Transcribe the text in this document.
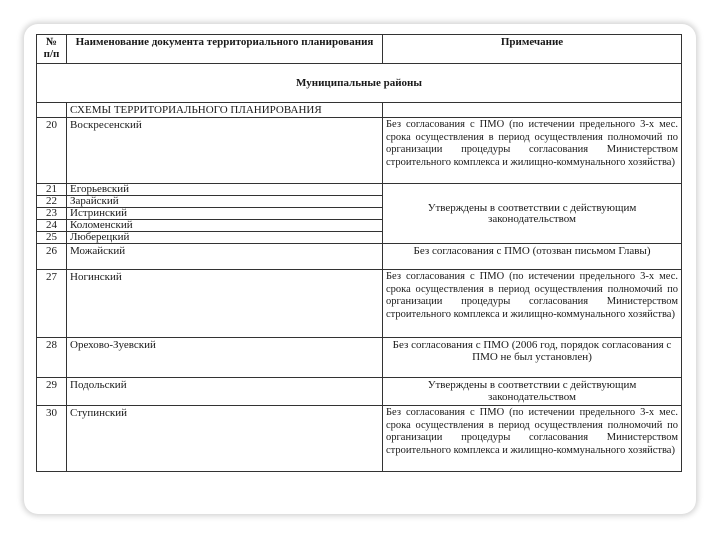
№ п/п	Наименование документа территориального планирования	Примечание
Муниципальные районы		
	СХЕМЫ ТЕРРИТОРИАЛЬНОГО ПЛАНИРОВАНИЯ	
20	Воскресенский	Без согласования с ПМО (по истечении предельного 3-х мес. срока осуществления в период осуществления полномочий по организации процедуры согласования Министерством строительного комплекса и жилищно-коммунального хозяйства)
21	Егорьевский	Утверждены в соответствии с действующим законодательством
22	Зарайский	
23	Истринский	
24	Коломенский	
25	Люберецкий	
26	Можайский	Без согласования с ПМО (отозван письмом Главы)
27	Ногинский	Без согласования с ПМО (по истечении предельного 3-х мес. срока осуществления в период осуществления полномочий по организации процедуры согласования Министерством строительного комплекса и жилищно-коммунального хозяйства)
28	Орехово-Зуевский	Без согласования с ПМО (2006 год, порядок согласования с ПМО не был установлен)
29	Подольский	Утверждены в соответствии с действующим законодательством
30	Ступинский	Без согласования с ПМО (по истечении предельного 3-х мес. срока осуществления в период осуществления полномочий по организации процедуры согласования Министерством строительного комплекса и жилищно-коммунального хозяйства)
